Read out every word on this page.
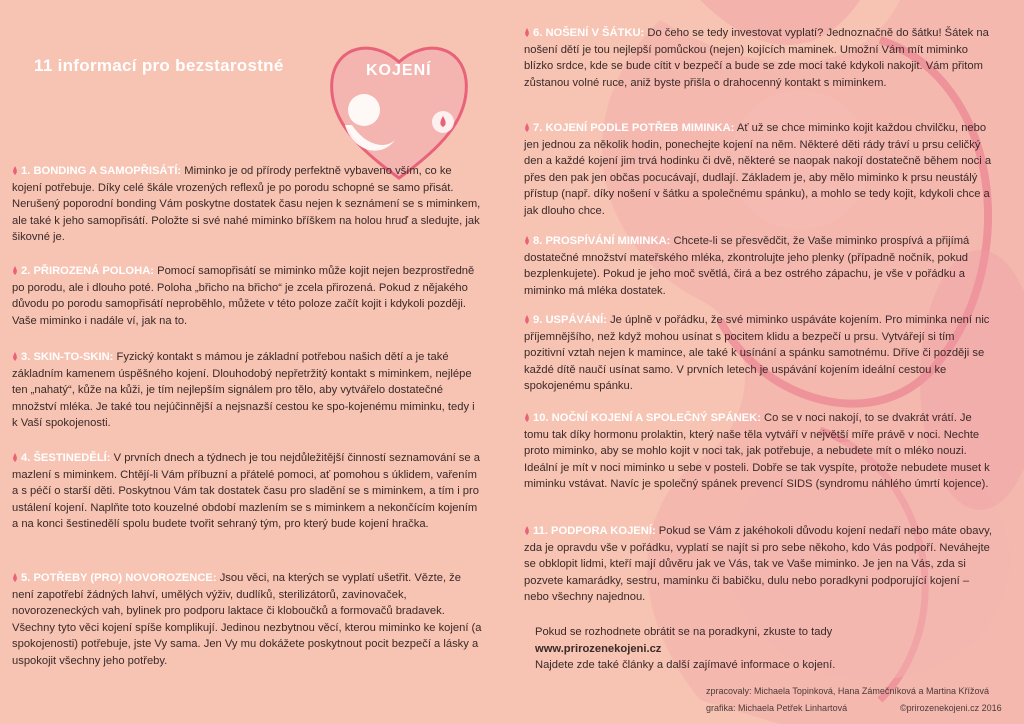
11 informací pro bezstarostné	KOJENÍ
1. BONDING A SAMOPŘISÁTÍ: Miminko je od přírody perfektně vybaveno vším, co ke kojení potřebuje. Díky celé škále vrozených reflexů je po porodu schopné se samo přisát. Nerušený poporodní bonding Vám poskytne dostatek času nejen k seznámení se s miminkem, ale také k jeho samopřisátí. Položte si své nahé miminko bříškem na holou hruď a sledujte, jak šikovné je.
2. PŘIROZENÁ POLOHA: Pomocí samopřisátí se miminko může kojit nejen bezprostředně po porodu, ale i dlouho poté. Poloha „břicho na břicho“ je zcela přirozená. Pokud z nějakého důvodu po porodu samopřisátí neproběhlo, můžete v této poloze začít kojit i kdykoli později. Vaše miminko i nadále ví, jak na to.
3. SKIN-TO-SKIN: Fyzický kontakt s mámou je základní potřebou našich dětí a je také základním kamenem úspěšného kojení. Dlouhodobý nepřetržitý kontakt s miminkem, nejlépe ten „nahatý“, kůže na kůži, je tím nejlepším signálem pro tělo, aby vytvářelo dostatečné množství mléka. Je také tou nejúčinnější a nejsnazší cestou ke spo-kojenému miminku, tedy i k Vaší spokojenosti.
4. ŠESTINEDĚLÍ: V prvních dnech a týdnech je tou nejdůležitější činností seznamování se a mazlení s miminkem. Chtějí-li Vám příbuzní a přátelé pomoci, ať pomohou s úklidem, vařením a s péčí o starší děti. Poskytnou Vám tak dostatek času pro sladění se s miminkem, a tím i pro ustálení kojení. Naplňte toto kouzelné období mazlením se s miminkem a nekončícím kojením a na konci šestinedělí spolu budete tvořit sehraný tým, pro který bude kojení hračka.
5. POTŘEBY (PRO) NOVOROZENCE: Jsou věci, na kterých se vyplatí ušetřit. Vězte, že není zapotřebí žádných lahví, umělých výživ, dudlíků, sterilizátorů, zavinovaček, novorozeneckých vah, bylinek pro podporu laktace či kloboučků a formovačů bradavek. Všechny tyto věci kojení spíše komplikují. Jedinou nezbytnou věcí, kterou miminko ke kojení (a spokojenosti) potřebuje, jste Vy sama. Jen Vy mu dokážete poskytnout pocit bezpečí a lásky a uspokojit všechny jeho potřeby.
6. NOŠENÍ V ŠÁTKU: Do čeho se tedy investovat vyplatí? Jednoznačně do šátku! Šátek na nošení dětí je tou nejlepší pomůckou (nejen) kojících maminek. Umožní Vám mít miminko blízko srdce, kde se bude cítit v bezpečí a bude se zde moci také kdykoli nakojit. Vám přitom zůstanou volné ruce, aniž byste přišla o drahocenný kontakt s miminkem.
7. KOJENÍ PODLE POTŘEB MIMINKA: Ať už se chce miminko kojit každou chvilčku, nebo jen jednou za několik hodin, ponechejte kojení na něm. Některé děti rády tráví u prsu celičký den a každé kojení jim trvá hodinku či dvě, některé se naopak nakojí dostatečně během noci a přes den pak jen občas pocucávají, dudlají. Základem je, aby mělo miminko k prsu neustálý přístup (např. díky nošení v šátku a společnému spánku), a mohlo se tedy kojit, kdykoli chce a jak dlouho chce.
8. PROSPÍVÁNÍ MIMINKA: Chcete-li se přesvědčit, že Vaše miminko prospívá a přijímá dostatečné množství mateřského mléka, zkontrolujte jeho plenky (případně nočník, pokud bezplenkujete). Pokud je jeho moč světlá, čirá a bez ostrého zápachu, je vše v pořádku a miminko má mléka dostatek.
9. USPÁVÁNÍ: Je úplně v pořádku, že své miminko uspáváte kojením. Pro miminka není nic příjemnějšího, než když mohou usínat s pocitem klidu a bezpečí u prsu. Vytvářejí si tím pozitivní vztah nejen k mamince, ale také k usínání a spánku samotnému. Dříve či později se každé dítě naučí usínat samo. V prvních letech je uspávání kojením ideální cestou ke spokojenému spánku.
10. NOČNÍ KOJENÍ A SPOLEČNÝ SPÁNEK: Co se v noci nakojí, to se dvakrát vrátí. Je tomu tak díky hormonu prolaktin, který naše těla vytváří v největší míře právě v noci. Nechte proto miminko, aby se mohlo kojit v noci tak, jak potřebuje, a nebudete mít o mléko nouzi. Ideální je mít v noci miminko u sebe v posteli. Dobře se tak vyspíte, protože nebudete muset k miminku vstávat. Navíc je společný spánek prevencí SIDS (syndromu náhlého úmrtí kojence).
11. PODPORA KOJENÍ: Pokud se Vám z jakéhokoli důvodu kojení nedaří nebo máte obavy, zda je opravdu vše v pořádku, vyplatí se najít si pro sebe někoho, kdo Vás podpoří. Neváhejte se obklopit lidmi, kteří mají důvěru jak ve Vás, tak ve Vaše miminko. Je jen na Vás, zda si pozvete kamarádky, sestru, maminku či babičku, dulu nebo poradkyni podporující kojení – nebo všechny najednou.
Pokud se rozhodnete obrátit se na poradkyni, zkuste to tady
www.prirozenekojeni.cz
Najdete zde také články a další zajímavé informace o kojení.
zpracovaly: Michaela Topinková, Hana Zámečníková a Martina Křížová
grafika: Michaela Petřek Linhartová	©prirozenekojeni.cz 2016
